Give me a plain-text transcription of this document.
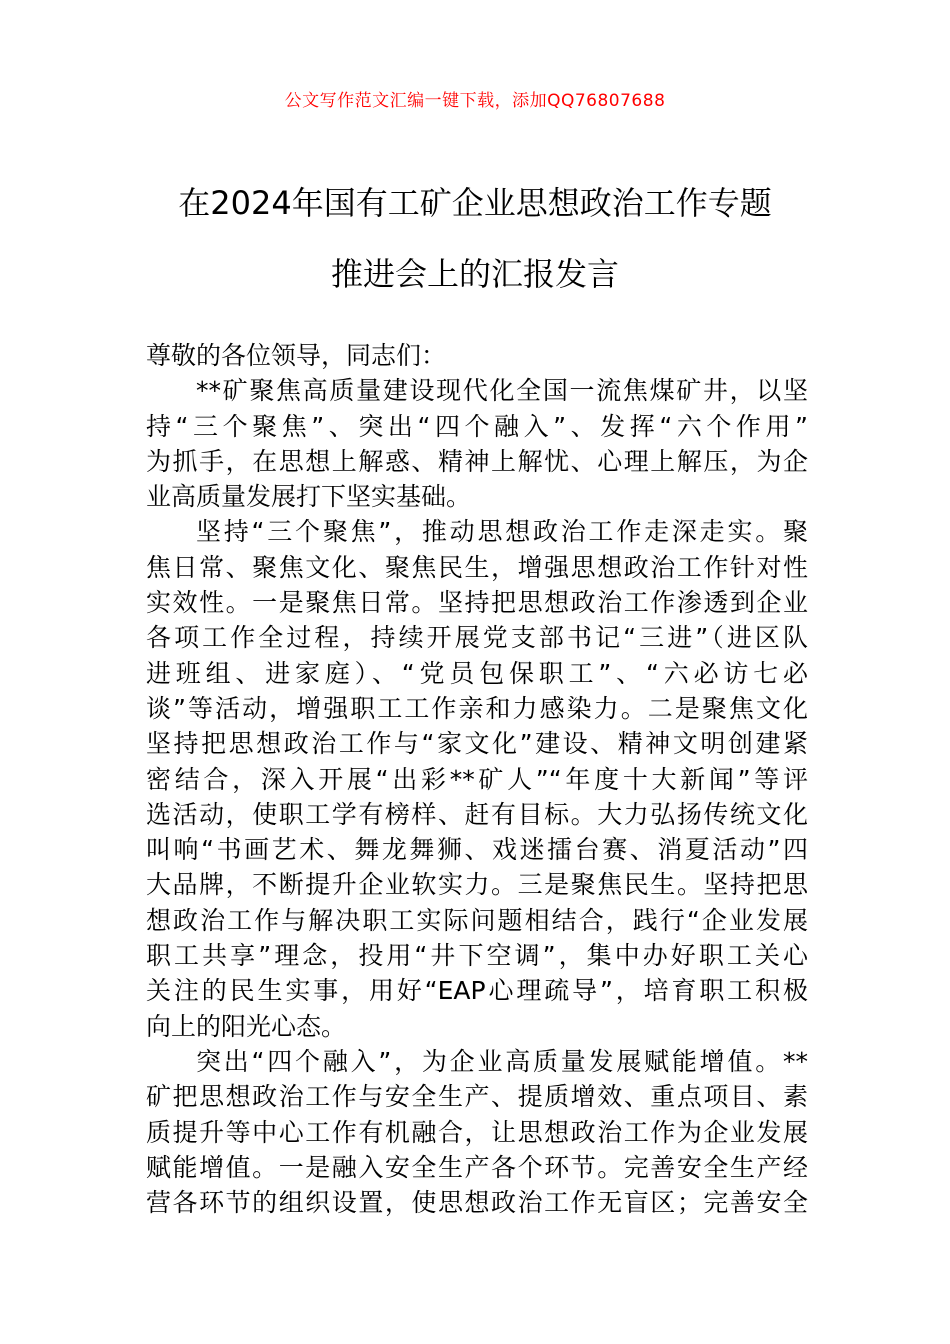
公文写作范文汇编一键下载，添加QQ76807688
在2024年国有工矿企业思想政治工作专题
推进会上的汇报发言
尊敬的各位领导，同志们：
**矿聚焦高质量建设现代化全国一流焦煤矿井，以坚
持“三个聚焦”、突出“四个融入”、发挥“六个作用”
为抓手，在思想上解惑、精神上解忧、心理上解压，为企
业高质量发展打下坚实基础。
坚持“三个聚焦”，推动思想政治工作走深走实。聚
焦日常、聚焦文化、聚焦民生，增强思想政治工作针对性
实效性。一是聚焦日常。坚持把思想政治工作渗透到企业
各项工作全过程，持续开展党支部书记“三进”（进区队
进班组、进家庭）、“党员包保职工”、“六必访七必
谈”等活动，增强职工工作亲和力感染力。二是聚焦文化
坚持把思想政治工作与“家文化”建设、精神文明创建紧
密结合，深入开展“出彩**矿人”“年度十大新闻”等评
选活动，使职工学有榜样、赶有目标。大力弘扬传统文化
叫响“书画艺术、舞龙舞狮、戏迷擂台赛、消夏活动”四
大品牌，不断提升企业软实力。三是聚焦民生。坚持把思
想政治工作与解决职工实际问题相结合，践行“企业发展
职工共享”理念，投用“井下空调”，集中办好职工关心
关注的民生实事，用好“EAP心理疏导”，培育职工积极
向上的阳光心态。
突出“四个融入”，为企业高质量发展赋能增值。**
矿把思想政治工作与安全生产、提质增效、重点项目、素
质提升等中心工作有机融合，让思想政治工作为企业发展
赋能增值。一是融入安全生产各个环节。完善安全生产经
营各环节的组织设置，使思想政治工作无盲区；完善安全
